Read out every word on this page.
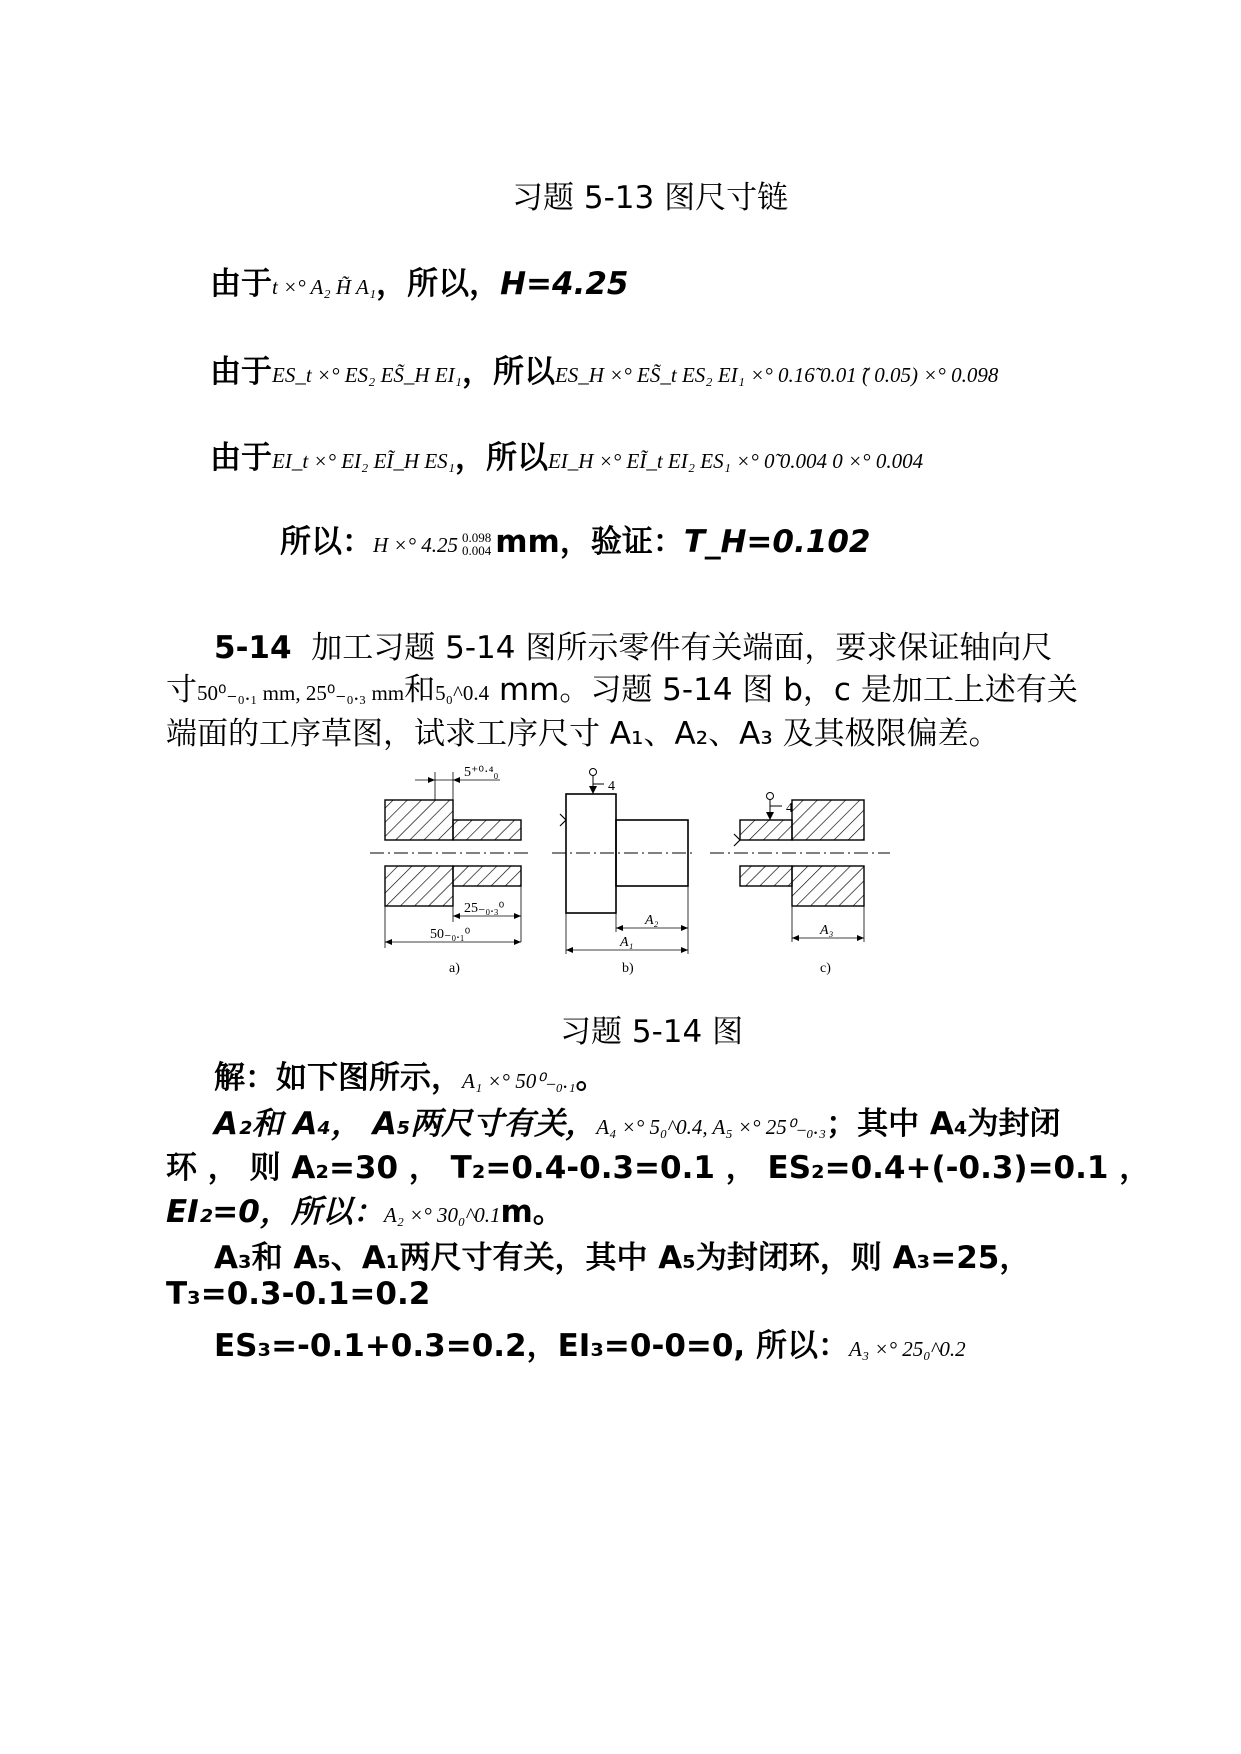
习题 5-13 图尺寸链
由于t ×° A₂ H̃ A₁，所以，H=4.25
由于ES_t ×° ES₂ ES̃_H EI₁，所以ES_H ×° ES̃_t ES₂ EI₁ ×° 0.16̃ 0.01 ̃( 0.05) ×° 0.098
由于EI_t ×° EI₂ EĨ_H ES₁，所以EI_H ×° EĨ_t EI₂ ES₁ ×° 0̃ 0.004 0 ×° 0.004
所以：H ×° 4.25 0.098
0.004 mm，验证：T_H=0.102
5-14 加工习题 5-14 图所示零件有关端面，要求保证轴向尺
寸50⁰₋₀.₁ mm, 25⁰₋₀.₃ mm和5₀^0.4 mm。习题 5-14 图 b，c 是加工上述有关
端面的工序草图，试求工序尺寸 A₁、A₂、A₃ 及其极限偏差。
5⁺⁰·⁴₀
25₋₀.₃⁰
50₋₀.₁⁰
a)
4
A₂
A₁
b)
4
A₃
c)
习题 5-14 图
解：如下图所示，A₁ ×° 50⁰₋₀.₁。
A₂和 A₄， A₅两尺寸有关，A₄ ×° 5₀^0.4, A₅ ×° 25⁰₋₀.₃；其中 A₄为封闭
环 ， 则 A₂=30 ， T₂=0.4-0.3=0.1 ， ES₂=0.4+(-0.3)=0.1 ，
EI₂=0，所以：A₂ ×° 30₀^0.1m。
A₃和 A₅、A₁两尺寸有关，其中 A₅为封闭环，则 A₃=25，
T₃=0.3-0.1=0.2
ES₃=-0.1+0.3=0.2，EI₃=0-0=0, 所以：A₃ ×° 25₀^0.2
